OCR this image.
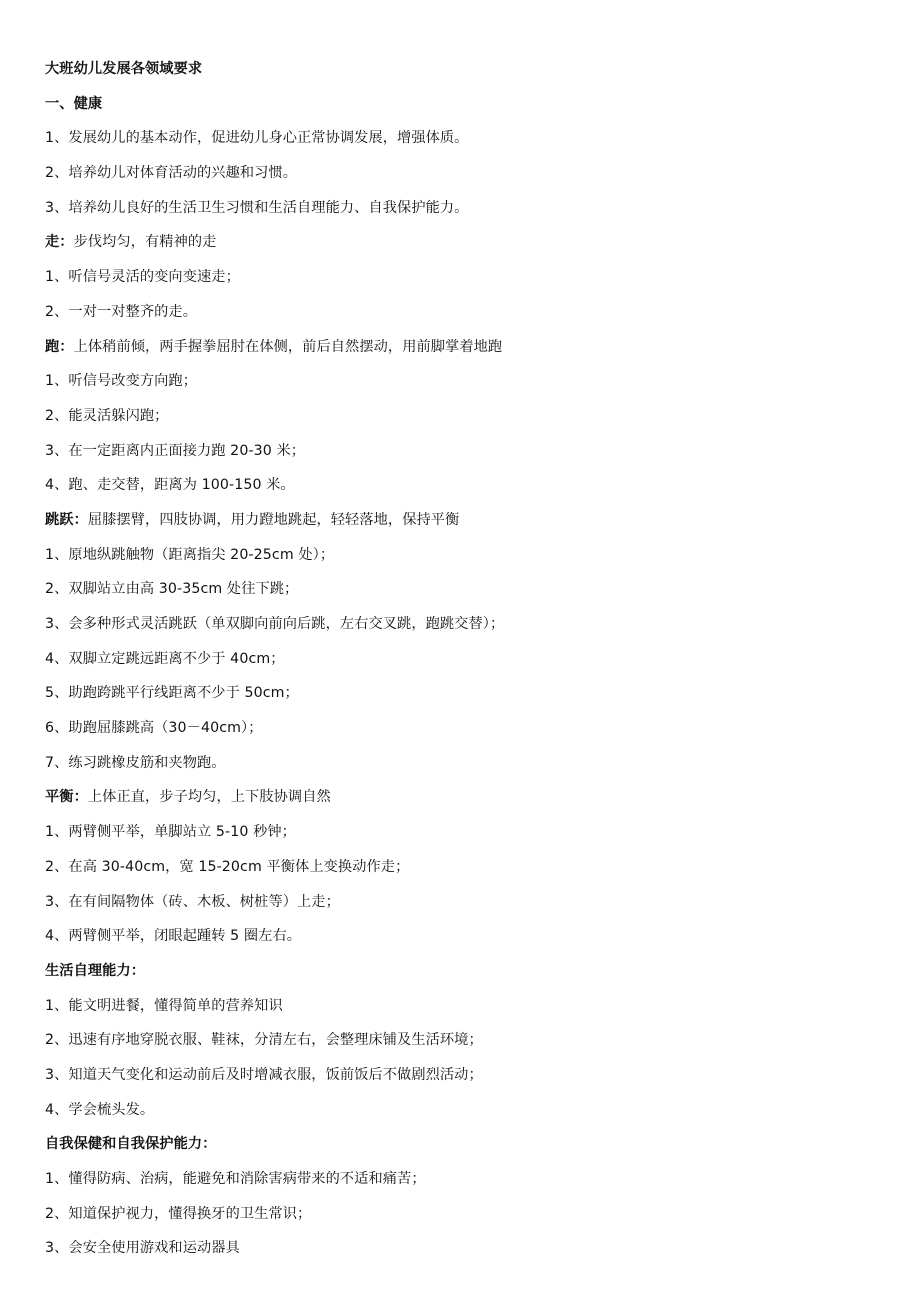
大班幼儿发展各领域要求
一、健康
1、发展幼儿的基本动作，促进幼儿身心正常协调发展，增强体质。
2、培养幼儿对体育活动的兴趣和习惯。
3、培养幼儿良好的生活卫生习惯和生活自理能力、自我保护能力。
走：步伐均匀，有精神的走
1、听信号灵活的变向变速走；
2、一对一对整齐的走。
跑：上体稍前倾，两手握拳屈肘在体侧，前后自然摆动，用前脚掌着地跑
1、听信号改变方向跑；
2、能灵活躲闪跑；
3、在一定距离内正面接力跑 20-30 米；
4、跑、走交替，距离为 100-150 米。
跳跃：屈膝摆臂，四肢协调，用力蹬地跳起，轻轻落地，保持平衡
1、原地纵跳触物（距离指尖 20-25cm 处）；
2、双脚站立由高 30-35cm 处往下跳；
3、会多种形式灵活跳跃（单双脚向前向后跳，左右交叉跳，跑跳交替）；
4、双脚立定跳远距离不少于 40cm；
5、助跑跨跳平行线距离不少于 50cm；
6、助跑屈膝跳高（30－40cm）；
7、练习跳橡皮筋和夹物跑。
平衡：上体正直，步子均匀，上下肢协调自然
1、两臂侧平举，单脚站立 5-10 秒钟；
2、在高 30-40cm，宽 15-20cm 平衡体上变换动作走；
3、在有间隔物体（砖、木板、树桩等）上走；
4、两臂侧平举，闭眼起踵转 5 圈左右。
生活自理能力：
1、能文明进餐，懂得简单的营养知识
2、迅速有序地穿脱衣服、鞋袜，分清左右，会整理床铺及生活环境；
3、知道天气变化和运动前后及时增减衣服，饭前饭后不做剧烈活动；
4、学会梳头发。
自我保健和自我保护能力：
1、懂得防病、治病，能避免和消除害病带来的不适和痛苦；
2、知道保护视力，懂得换牙的卫生常识；
3、会安全使用游戏和运动器具
